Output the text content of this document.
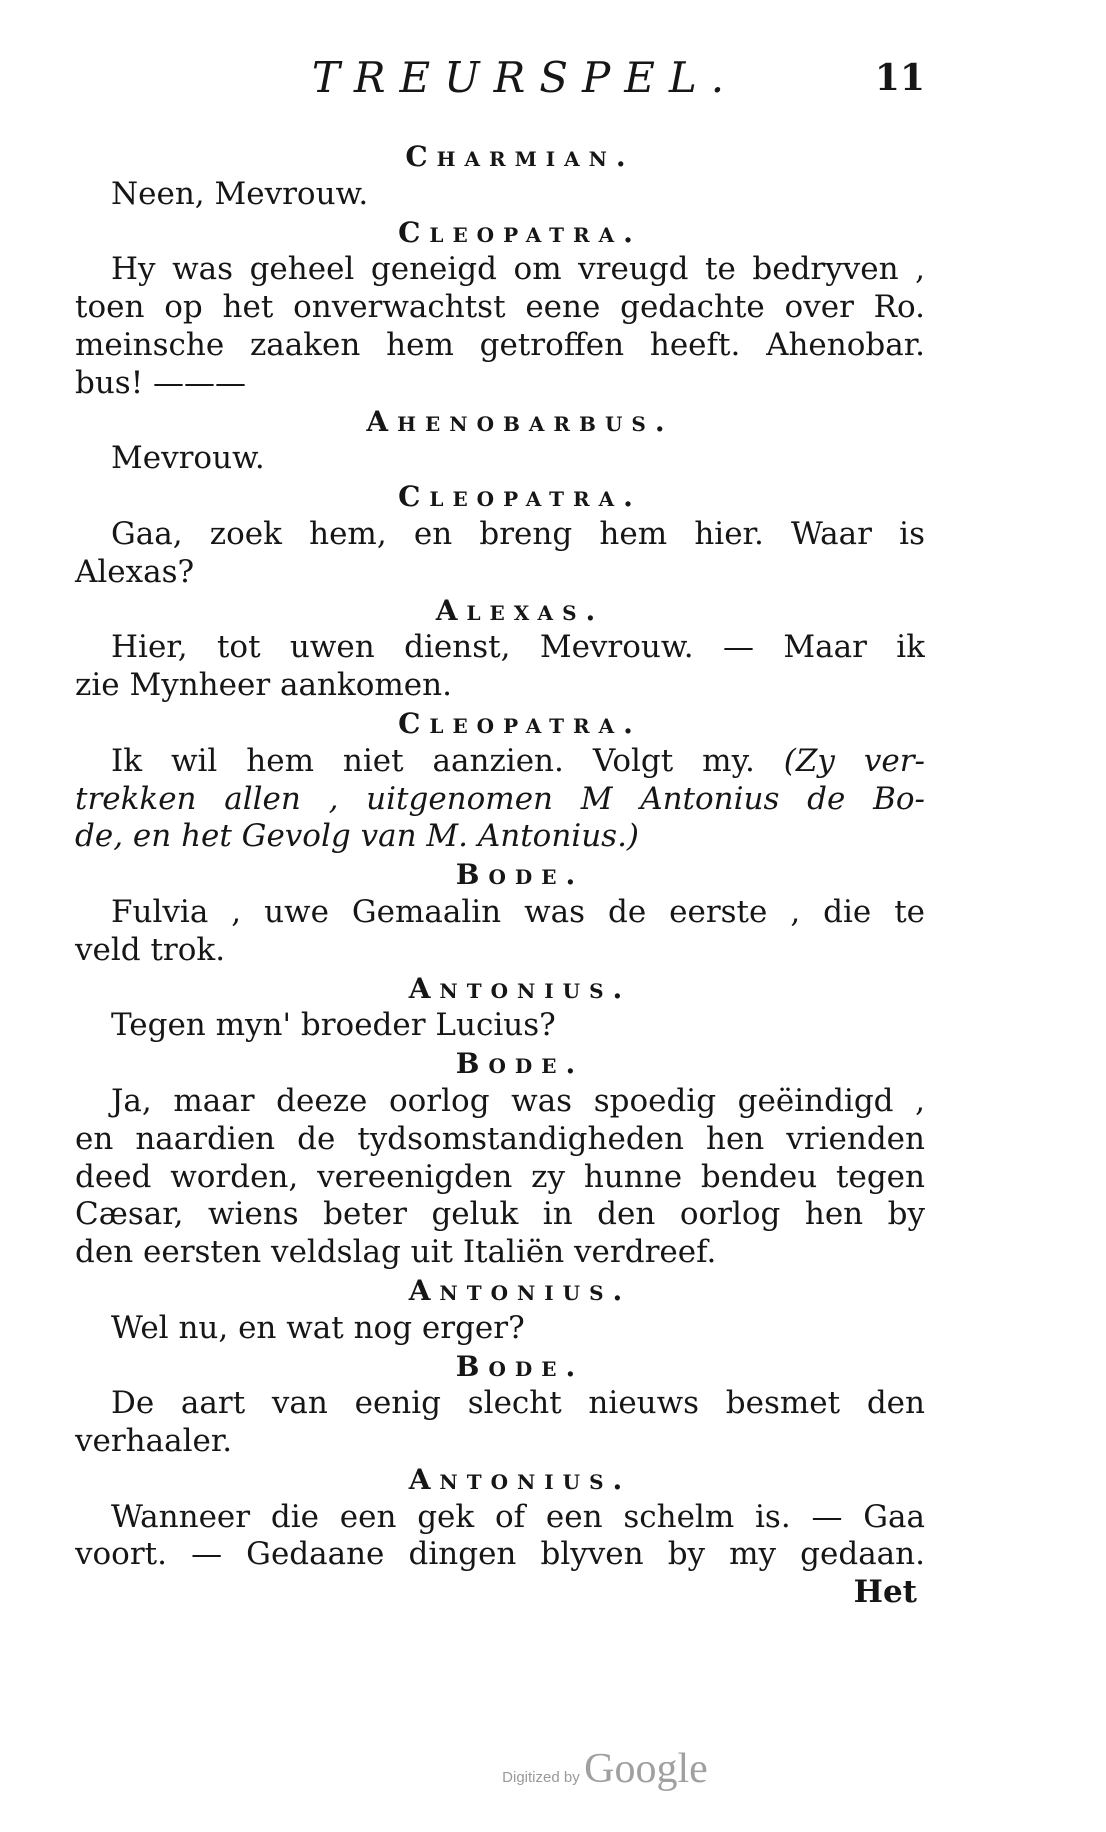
TREURSPEL.	11
Charmian.
Neen, Mevrouw.
Cleopatra.
Hy was geheel geneigd om vreugd te bedryven ,
toen op het onverwachtst eene gedachte over Ro.
meinsche zaaken hem getroffen heeft. Ahenobar.
bus! ———
Ahenobarbus.
Mevrouw.
Cleopatra.
Gaa, zoek hem, en breng hem hier. Waar is
Alexas?
Alexas.
Hier, tot uwen dienst, Mevrouw. — Maar ik
zie Mynheer aankomen.
Cleopatra.
Ik wil hem niet aanzien. Volgt my. (Zy ver-
trekken allen , uitgenomen M Antonius de Bo-
de, en het Gevolg van M. Antonius.)
Bode.
Fulvia , uwe Gemaalin was de eerste , die te
veld trok.
Antonius.
Tegen myn' broeder Lucius?
Bode.
Ja, maar deeze oorlog was spoedig geëindigd ,
en naardien de tydsomstandigheden hen vrienden
deed worden, vereenigden zy hunne bendeu tegen
Cæsar, wiens beter geluk in den oorlog hen by
den eersten veldslag uit Italiën verdreef.
Antonius.
Wel nu, en wat nog erger?
Bode.
De aart van eenig slecht nieuws besmet den
verhaaler.
Antonius.
Wanneer die een gek of een schelm is. — Gaa
voort. — Gedaane dingen blyven by my gedaan.
Het
Digitized by Google
